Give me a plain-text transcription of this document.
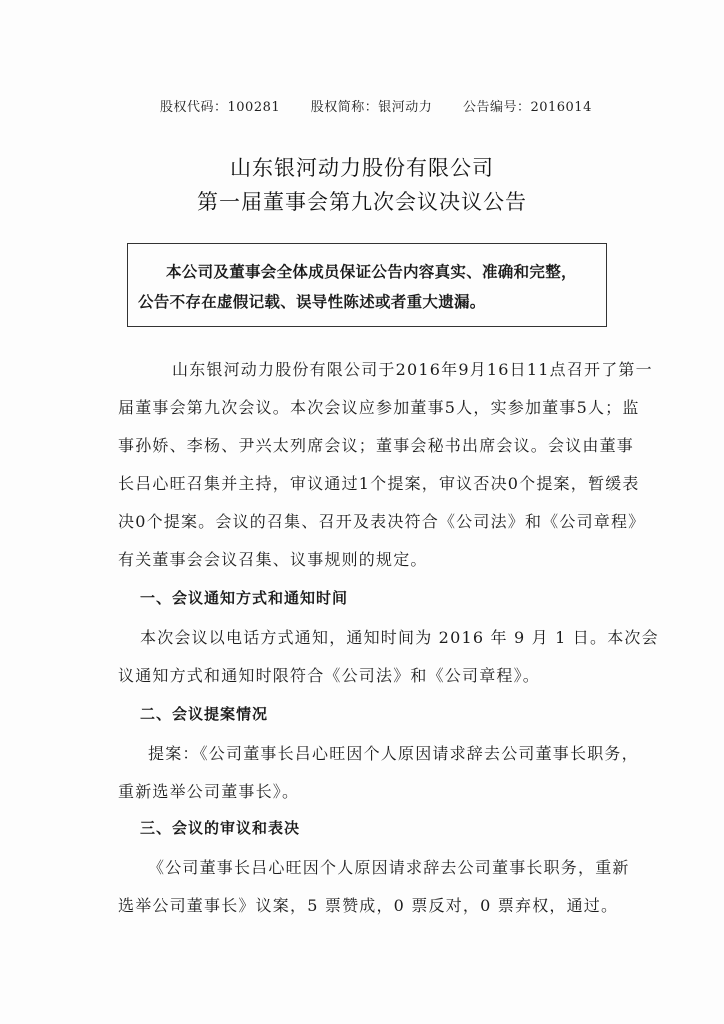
股权代码：100281 股权简称：银河动力 公告编号：2016014
山东银河动力股份有限公司
第一届董事会第九次会议决议公告
本公司及董事会全体成员保证公告内容真实、准确和完整，
公告不存在虚假记载、误导性陈述或者重大遗漏。
山东银河动力股份有限公司于2016年9月16日11点召开了第一
届董事会第九次会议。本次会议应参加董事5人，实参加董事5人；监
事孙娇、李杨、尹兴太列席会议；董事会秘书出席会议。会议由董事
长吕心旺召集并主持，审议通过1个提案，审议否决0个提案，暂缓表
决0个提案。会议的召集、召开及表决符合《公司法》和《公司章程》
有关董事会会议召集、议事规则的规定。
一、会议通知方式和通知时间
本次会议以电话方式通知，通知时间为 2016 年 9 月 1 日。本次会
议通知方式和通知时限符合《公司法》和《公司章程》。
二、会议提案情况
提案：《公司董事长吕心旺因个人原因请求辞去公司董事长职务，
重新选举公司董事长》。
三、会议的审议和表决
《公司董事长吕心旺因个人原因请求辞去公司董事长职务，重新
选举公司董事长》议案，5 票赞成，0 票反对，0 票弃权，通过。
